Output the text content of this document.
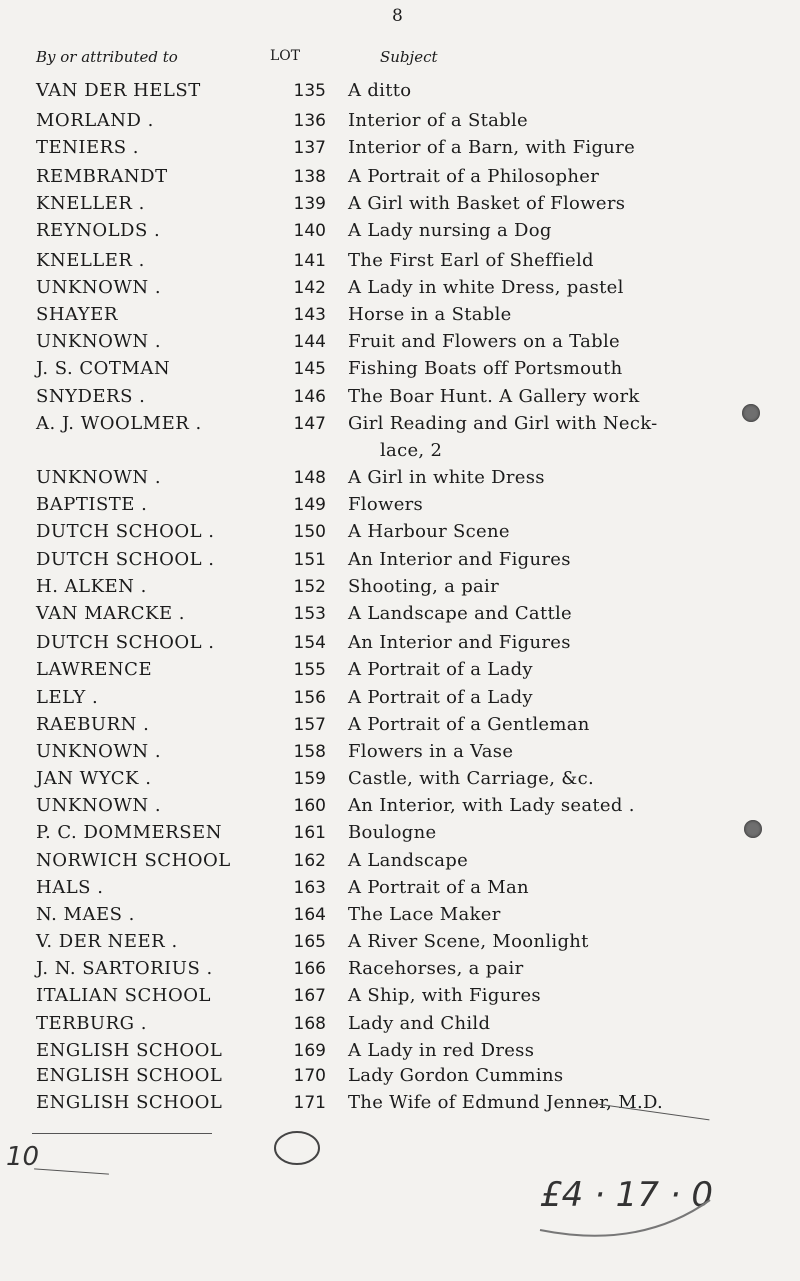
8
By or attributed to	LOT	Subject
VAN DER HELST	135 A ditto
MORLAND .	136 Interior of a Stable
TENIERS .	137 Interior of a Barn, with Figure
REMBRANDT	138 A Portrait of a Philosopher
KNELLER .	139 A Girl with Basket of Flowers
REYNOLDS .	140 A Lady nursing a Dog
KNELLER .	141 The First Earl of Sheffield
UNKNOWN .	142 A Lady in white Dress, pastel
SHAYER	143 Horse in a Stable
UNKNOWN .	144 Fruit and Flowers on a Table
J. S. COTMAN	145 Fishing Boats off Portsmouth
SNYDERS .	146 The Boar Hunt. A Gallery work
A. J. WOOLMER .	147 Girl Reading and Girl with Neck-
lace, 2
UNKNOWN .	148 A Girl in white Dress
BAPTISTE .	149 Flowers
DUTCH SCHOOL .	150 A Harbour Scene
DUTCH SCHOOL .	151 An Interior and Figures
H. ALKEN .	152 Shooting, a pair
VAN MARCKE .	153 A Landscape and Cattle
DUTCH SCHOOL .	154 An Interior and Figures
LAWRENCE	155 A Portrait of a Lady
LELY .	156 A Portrait of a Lady
RAEBURN .	157 A Portrait of a Gentleman
UNKNOWN .	158 Flowers in a Vase
JAN WYCK .	159 Castle, with Carriage, &c.
UNKNOWN .	160 An Interior, with Lady seated .
P. C. DOMMERSEN	161 Boulogne
NORWICH SCHOOL	162 A Landscape
HALS .	163 A Portrait of a Man
N. MAES .	164 The Lace Maker
V. DER NEER .	165 A River Scene, Moonlight
J. N. SARTORIUS .	166 Racehorses, a pair
ITALIAN SCHOOL	167 A Ship, with Figures
TERBURG .	168 Lady and Child
ENGLISH SCHOOL	169 A Lady in red Dress
ENGLISH SCHOOL	170 Lady Gordon Cummins
ENGLISH SCHOOL	171 The Wife of Edmund Jenner, M.D.
10
£4 · 17 · 0
